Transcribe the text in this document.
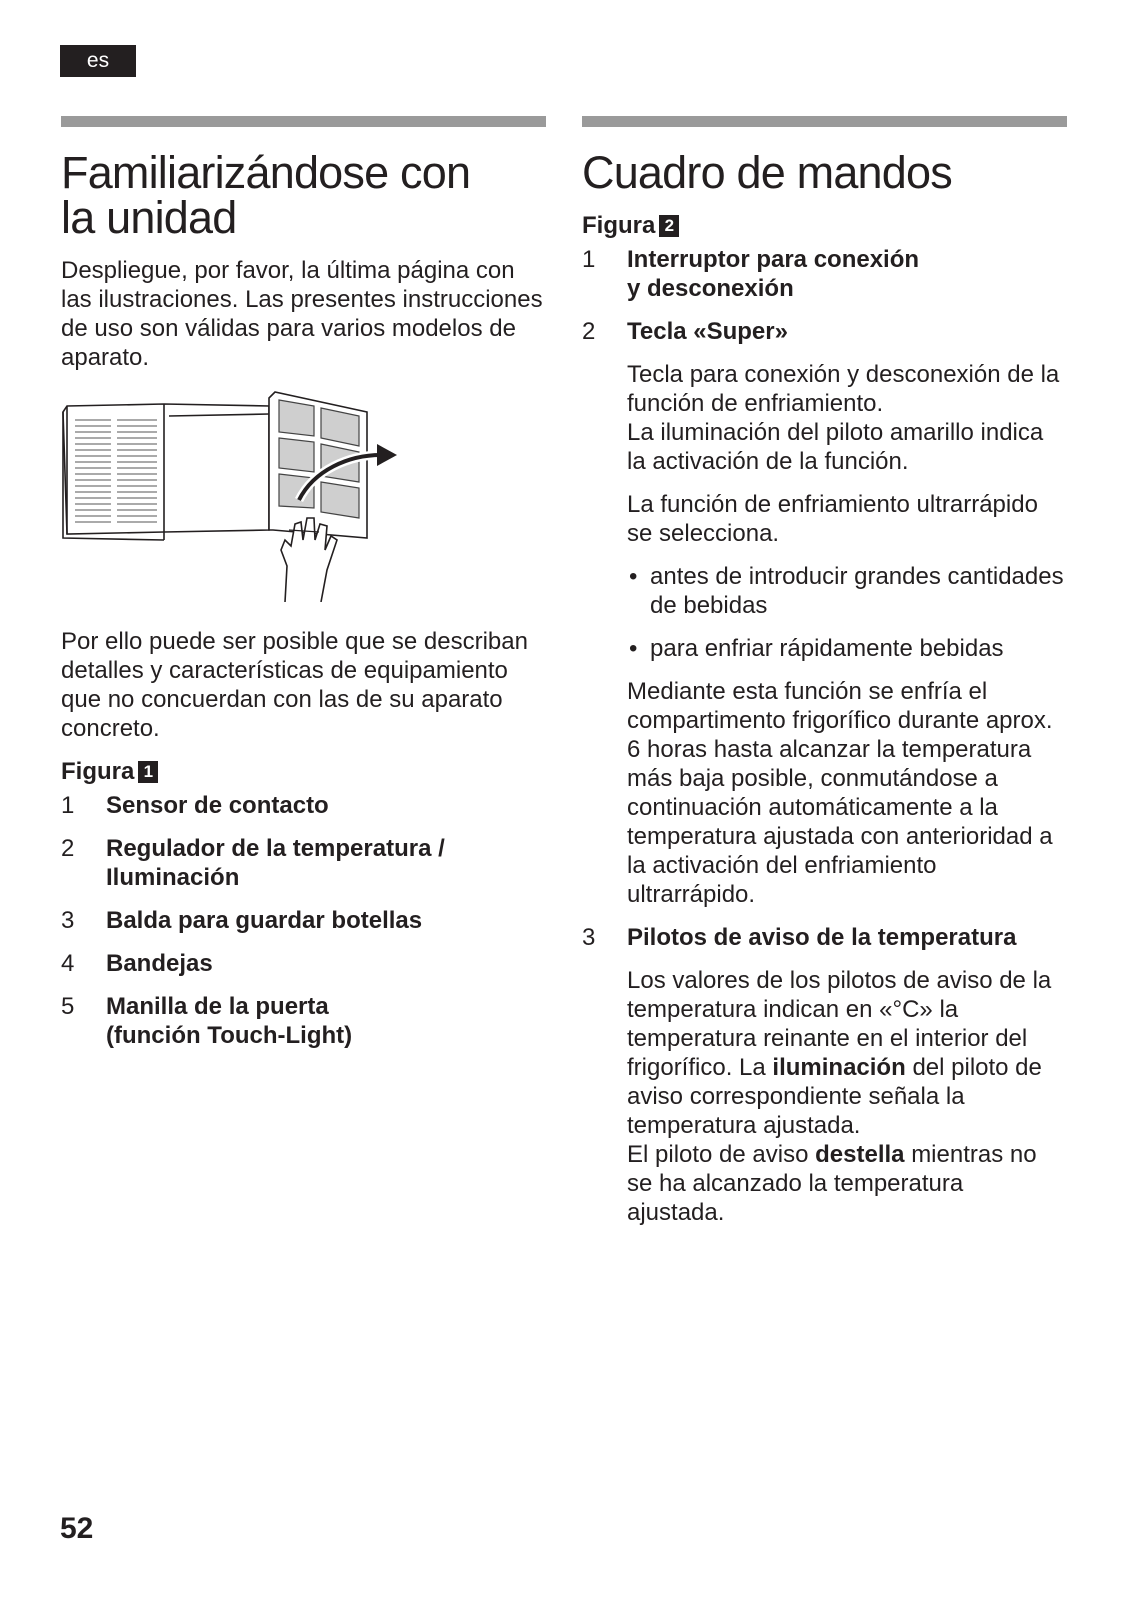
es
Familiarizándose con
la unidad

Despliegue, por favor, la última página con las ilustraciones. Las presentes instrucciones de uso son válidas para varios modelos de aparato.

Por ello puede ser posible que se describan detalles y características de equipamiento que no concuerdan con las de su aparato concreto.

Figura 1

1 Sensor de contacto
2 Regulador de la temperatura /
Iluminación
3 Balda para guardar botellas
4 Bandejas
5 Manilla de la puerta
(función Touch-Light)
Cuadro de mandos

Figura 2

1 Interruptor para conexión
y desconexión
2 Tecla «Super»

Tecla para conexión y desconexión de la función de enfriamiento.
La iluminación del piloto amarillo indica la activación de la función.

La función de enfriamiento ultrarrápido se selecciona.

• antes de introducir grandes cantidades de bebidas
• para enfriar rápidamente bebidas

Mediante esta función se enfría el compartimento frigorífico durante aprox. 6 horas hasta alcanzar la temperatura más baja posible, conmutándose a continuación automáticamente a la temperatura ajustada con anterioridad a la activación del enfriamiento ultrarrápido.

3 Pilotos de aviso de la temperatura

Los valores de los pilotos de aviso de la temperatura indican en «°C» la temperatura reinante en el interior del frigorífico. La iluminación del piloto de aviso correspondiente señala la temperatura ajustada.
El piloto de aviso destella mientras no se ha alcanzado la temperatura ajustada.

52
